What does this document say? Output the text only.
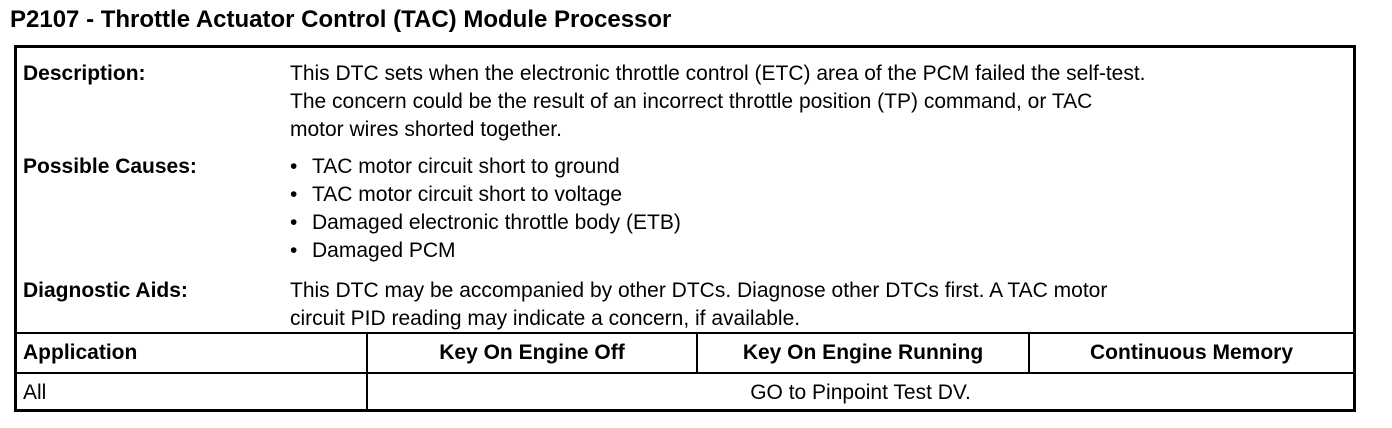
P2107 - Throttle Actuator Control (TAC) Module Processor
Description:	This DTC sets when the electronic throttle control (ETC) area of the PCM failed the self-test.
The concern could be the result of an incorrect throttle position (TP) command, or TAC
motor wires shorted together.
Possible Causes:	• TAC motor circuit short to ground
• TAC motor circuit short to voltage
• Damaged electronic throttle body (ETB)
• Damaged PCM
Diagnostic Aids:	This DTC may be accompanied by other DTCs. Diagnose other DTCs first. A TAC motor
circuit PID reading may indicate a concern, if available.
Application	Key On Engine Off	Key On Engine Running	Continuous Memory
All	GO to Pinpoint Test DV.
